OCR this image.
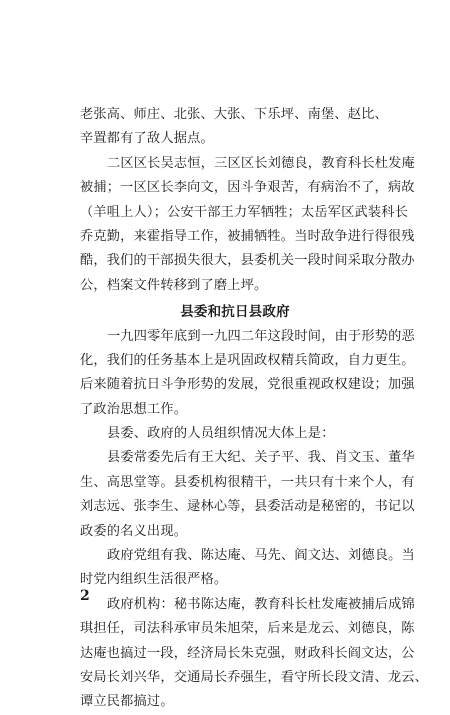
老张高、师庄、北张、大张、下乐坪、南堡、赵比、
辛置都有了敌人据点。
二区区长吴志恒，三区区长刘德良，教育科长杜发庵
被捕；一区区长李向文，因斗争艰苦，有病治不了，病故
（羊咀上人）；公安干部王力军牺牲；太岳军区武装科长
乔克勤，来霍指导工作，被捕牺牲。当时敌争进行得很残
酷，我们的干部损失很大，县委机关一段时间采取分散办
公，档案文件转移到了磨上坪。
县委和抗日县政府
一九四零年底到一九四二年这段时间，由于形势的恶
化，我们的任务基本上是巩固政权精兵简政，自力更生。
后来随着抗日斗争形势的发展，党很重视政权建设；加强
了政治思想工作。
县委、政府的人员组织情况大体上是：
县委常委先后有王大纪、关子平、我、肖文玉、董华
生、高思堂等。县委机构很精干，一共只有十来个人，有
刘志远、张李生、逯林心等，县委活动是秘密的，书记以
政委的名义出现。
政府党组有我、陈达庵、马先、阎文达、刘德良。当
时党内组织生活很严格。
政府机构：秘书陈达庵，教育科长杜发庵被捕后成锦
琪担任，司法科承审员朱旭荣，后来是龙云、刘德良，陈
达庵也搞过一段，经济局长朱克强，财政科长阎文达，公
安局长刘兴华，交通局长乔强生，看守所长段文清、龙云、
谭立民都搞过。
2
